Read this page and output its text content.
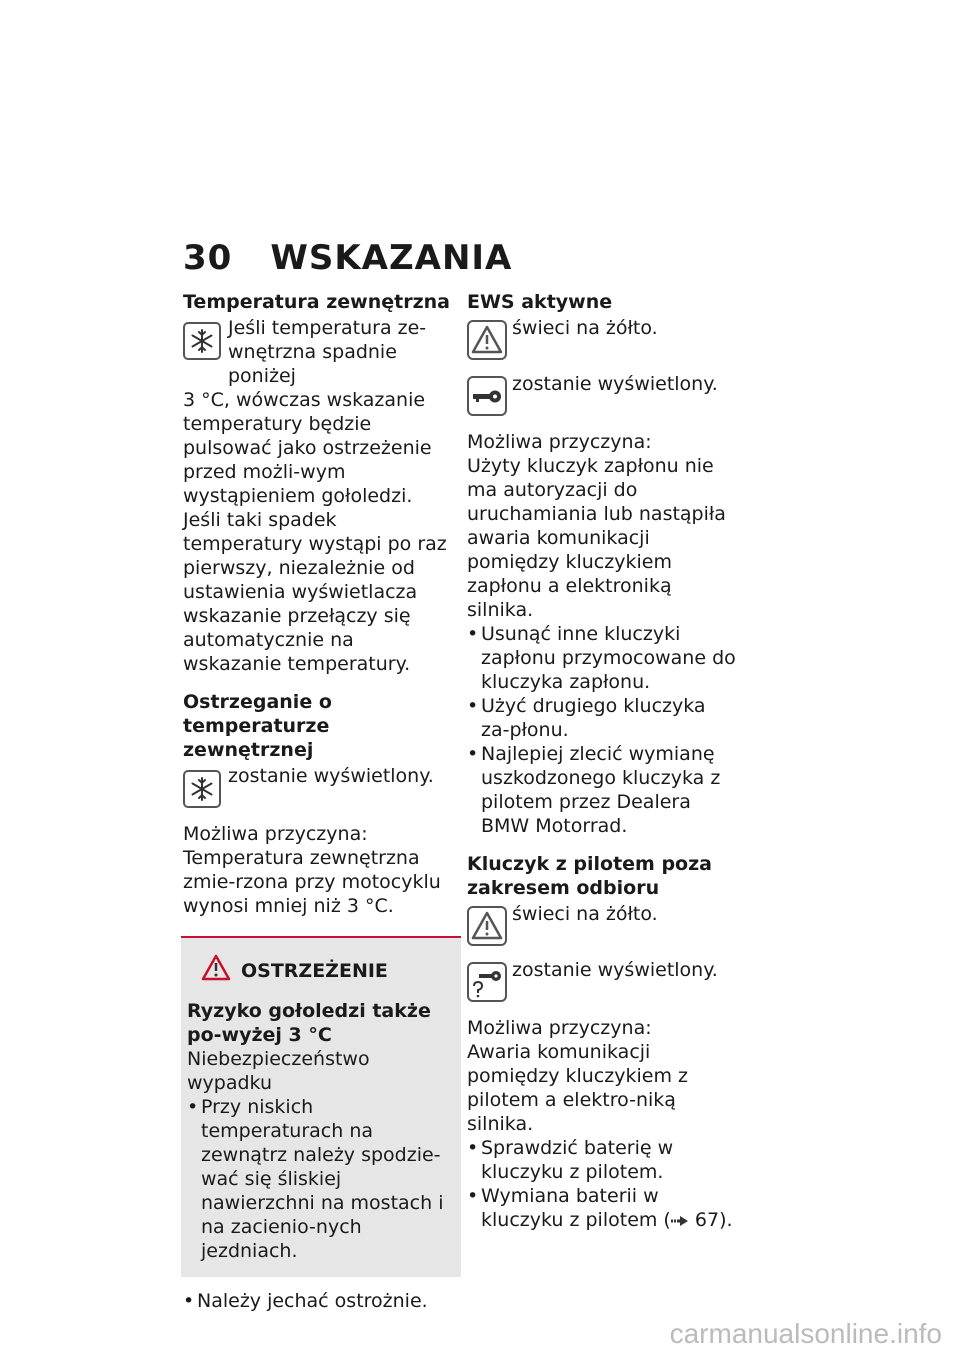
30 WSKAZANIA
Temperatura zewnętrzna
Jeśli temperatura ze-wnętrzna spadnie poniżej

3 °C, wówczas wskazanie temperatury będzie pulsować jako ostrzeżenie przed możli-wym wystąpieniem gołoledzi. Jeśli taki spadek temperatury wystąpi po raz pierwszy, niezależnie od ustawienia wyświetlacza wskazanie przełączy się automatycznie na wskazanie temperatury.

Ostrzeganie o temperaturze zewnętrznej
zostanie wyświetlony.

Możliwa przyczyna:

Temperatura zewnętrzna zmie-rzona przy motocyklu wynosi mniej niż 3 °C.

OSTRZEŻENIE
Ryzyko gołoledzi także po-wyżej 3 °C
Niebezpieczeństwo wypadku
• Przy niskich temperaturach na zewnątrz należy spodzie-wać się śliskiej nawierzchni na mostach i na zacienio-nych jezdniach.
• Należy jechać ostrożnie.
EWS aktywne
świeci na żółto.
zostanie wyświetlony.

Możliwa przyczyna:

Użyty kluczyk zapłonu nie ma autoryzacji do uruchamiania lub nastąpiła awaria komunikacji pomiędzy kluczykiem zapłonu a elektroniką silnika.

• Usunąć inne kluczyki zapłonu przymocowane do kluczyka zapłonu.
• Użyć drugiego kluczyka za-płonu.
• Najlepiej zlecić wymianę uszkodzonego kluczyka z pilotem przez Dealera BMW Motorrad.
Kluczyk z pilotem poza zakresem odbioru
świeci na żółto.
zostanie wyświetlony.

Możliwa przyczyna:

Awaria komunikacji pomiędzy kluczykiem z pilotem a elektro-niką silnika.

• Sprawdzić baterię w kluczyku z pilotem.
• Wymiana baterii w kluczyku z pilotem ( 67).
carmanualsonline.info
